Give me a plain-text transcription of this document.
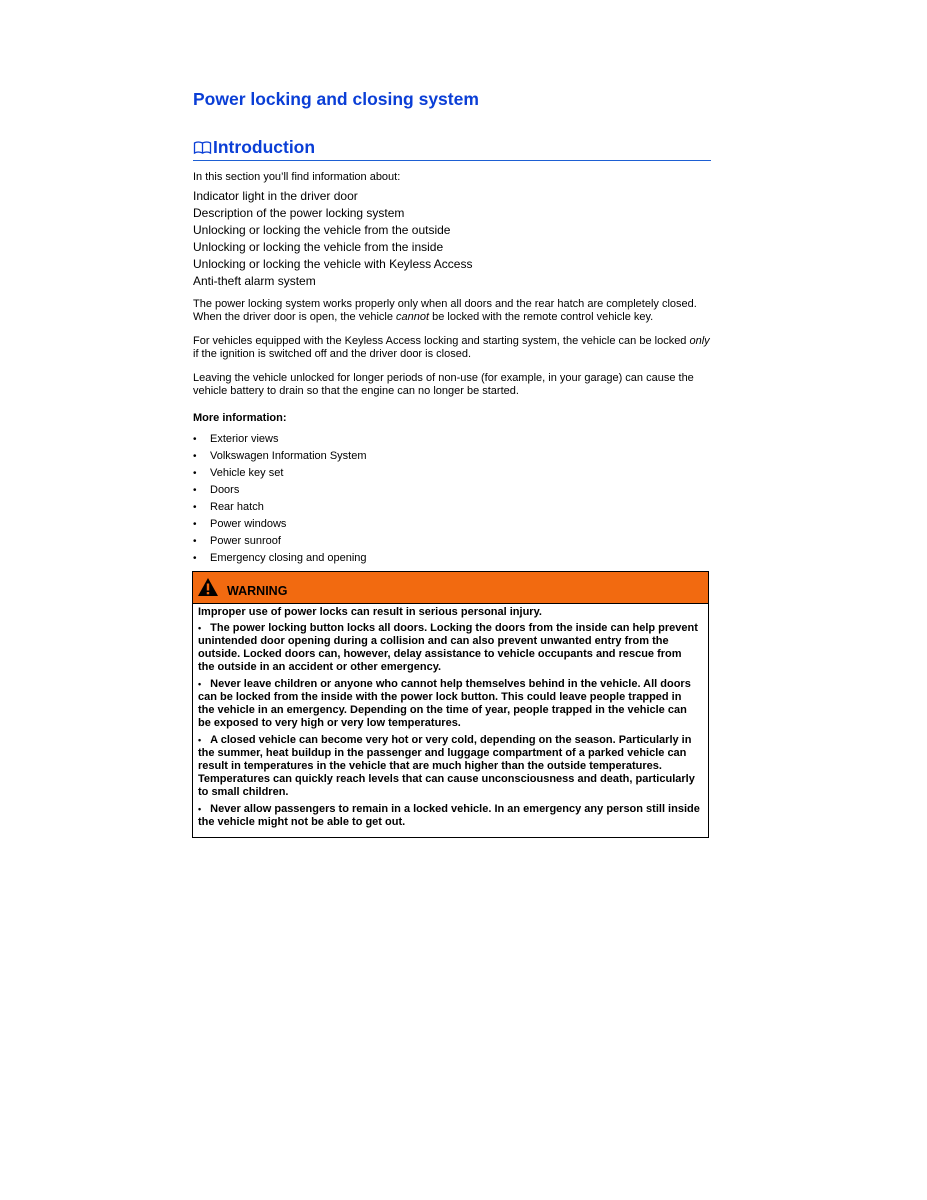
Power locking and closing system
Introduction
In this section you’ll find information about:
Indicator light in the driver door
Description of the power locking system
Unlocking or locking the vehicle from the outside
Unlocking or locking the vehicle from the inside
Unlocking or locking the vehicle with Keyless Access
Anti-theft alarm system

The power locking system works properly only when all doors and the rear hatch are completely closed. When the driver door is open, the vehicle cannot be locked with the remote control vehicle key.

For vehicles equipped with the Keyless Access locking and starting system, the vehicle can be locked only if the ignition is switched off and the driver door is closed.

Leaving the vehicle unlocked for longer periods of non-use (for example, in your garage) can cause the vehicle battery to drain so that the engine can no longer be started.

More information:
•	Exterior views
•	Volkswagen Information System
•	Vehicle key set
•	Doors
•	Rear hatch
•	Power windows
•	Power sunroof
•	Emergency closing and opening
WARNING

Improper use of power locks can result in serious personal injury.

• The power locking button locks all doors. Locking the doors from the inside can help prevent unintended door opening during a collision and can also prevent unwanted entry from the outside. Locked doors can, however, delay assistance to vehicle occupants and rescue from the outside in an accident or other emergency.

• Never leave children or anyone who cannot help themselves behind in the vehicle. All doors can be locked from the inside with the power lock button. This could leave people trapped in the vehicle in an emergency. Depending on the time of year, people trapped in the vehicle can be exposed to very high or very low temperatures.

• A closed vehicle can become very hot or very cold, depending on the season. Particularly in the summer, heat buildup in the passenger and luggage compartment of a parked vehicle can result in temperatures in the vehicle that are much higher than the outside temperatures. Temperatures can quickly reach levels that can cause unconsciousness and death, particularly to small children.

• Never allow passengers to remain in a locked vehicle. In an emergency any person still inside the vehicle might not be able to get out.
